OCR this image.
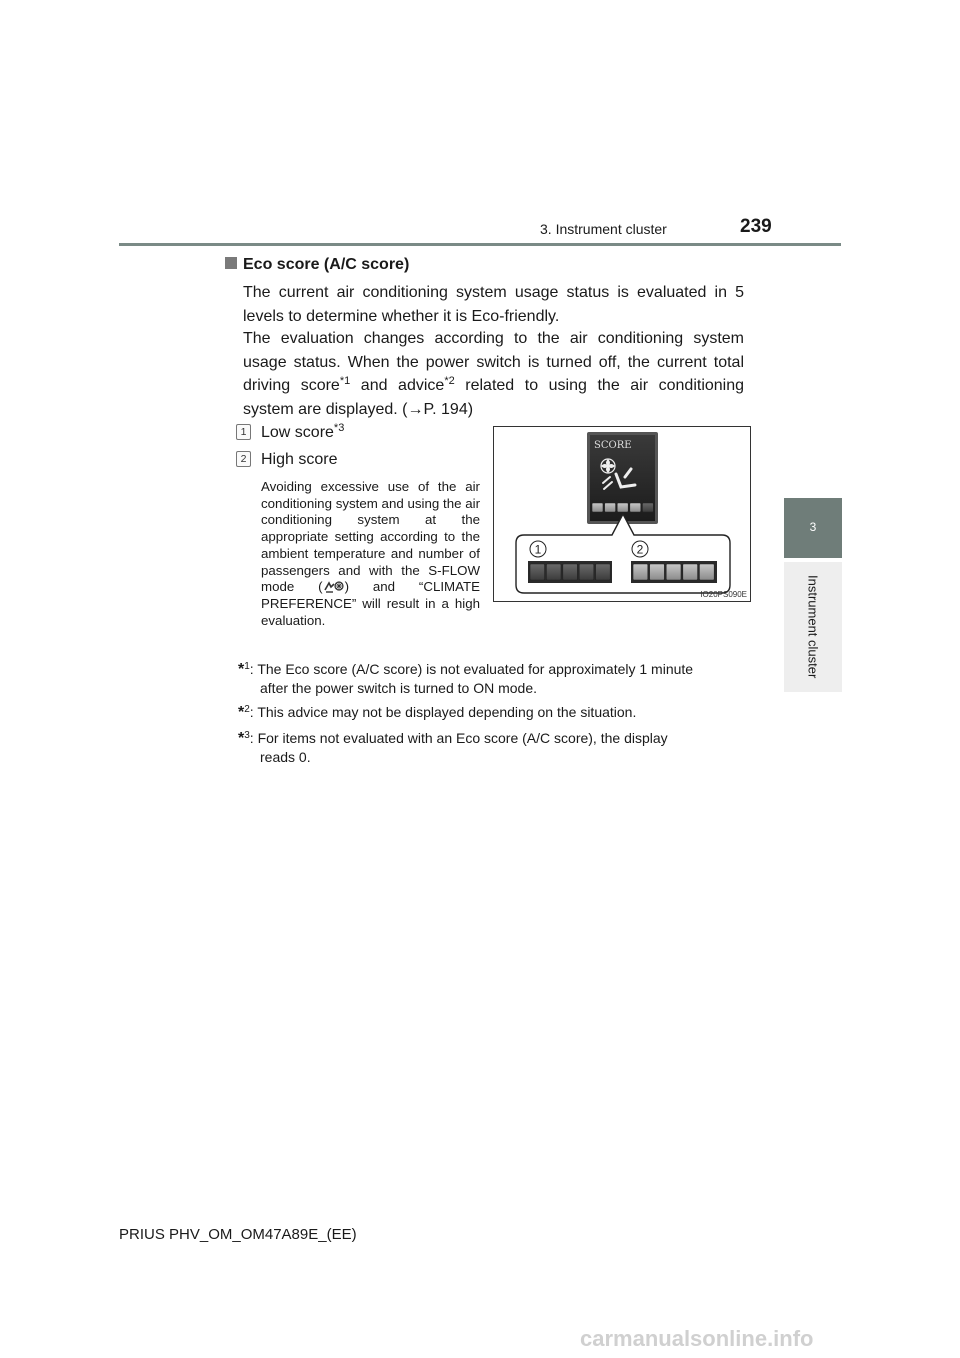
3. Instrument cluster	239
3
Instrument cluster
Eco score (A/C score)
The current air conditioning system usage status is evaluated in 5 levels to determine whether it is Eco-friendly.
The evaluation changes according to the air conditioning system usage status. When the power switch is turned off, the current total driving score$^{*1}$ and advice$^{*2}$ related to using the air conditioning system are displayed. (→P. 194)
1 Low score$^{*3}$
2 High score
Avoiding excessive use of the air conditioning system and using the air conditioning system at the appropriate setting according to the ambient temperature and number of passengers and with the S-FLOW mode ( ) and “CLIMATE PREFERENCE” will result in a high evaluation.
SCORE
1	2
IO20PS090E
*$^1$: The Eco score (A/C score) is not evaluated for approximately 1 minute
after the power switch is turned to ON mode.
*$^2$: This advice may not be displayed depending on the situation.
*$^3$: For items not evaluated with an Eco score (A/C score), the display
reads 0.
PRIUS PHV_OM_OM47A89E_(EE)
carmanualsonline.info
